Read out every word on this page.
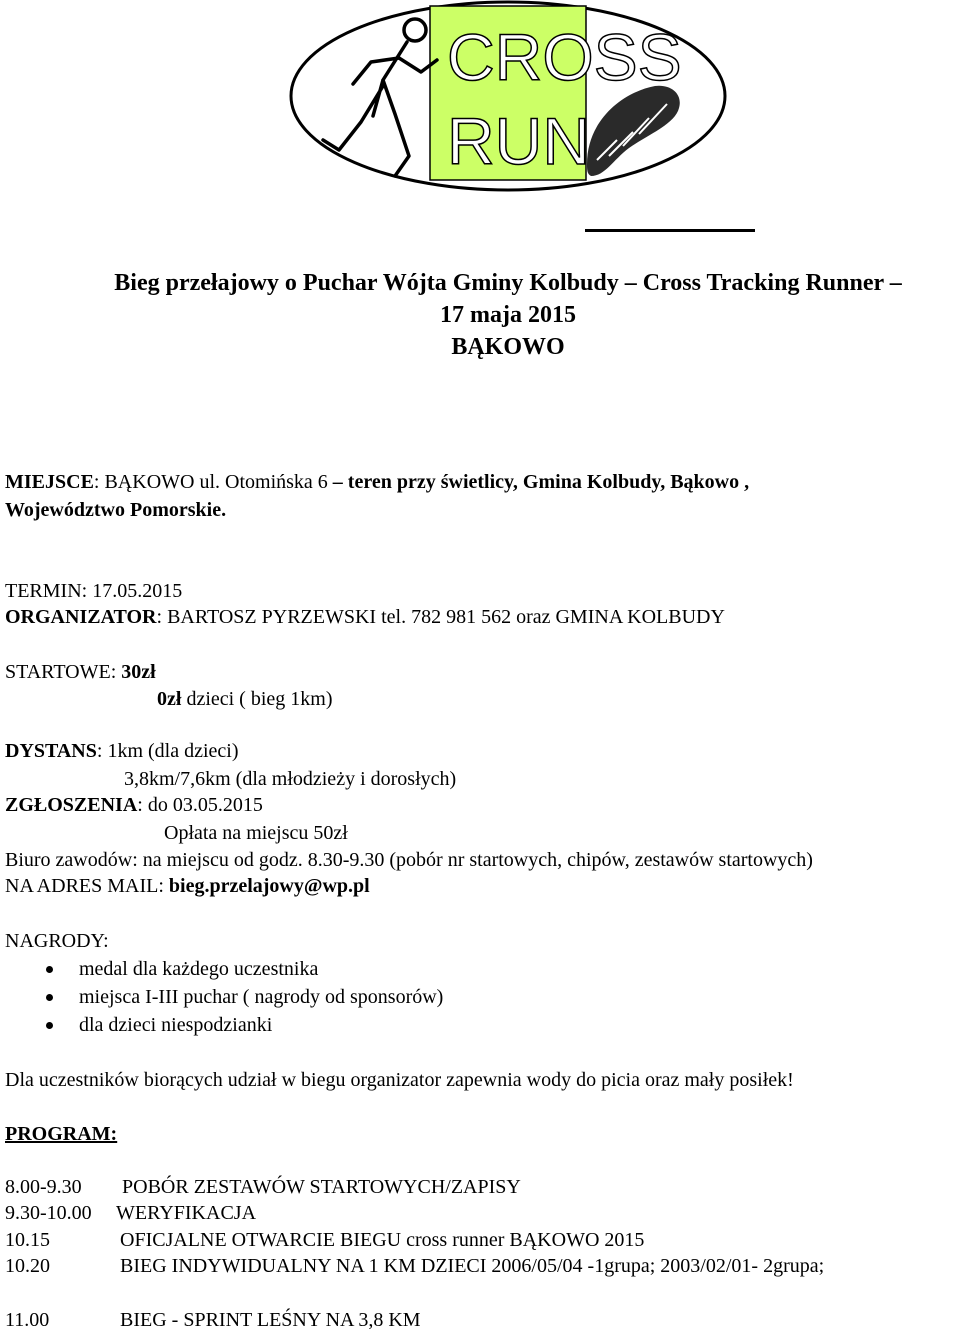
CROSS
RUN
Bieg przełajowy o Puchar Wójta Gminy Kolbudy – Cross Tracking Runner –
17 maja 2015
BĄKOWO
MIEJSCE: BĄKOWO ul. Otomińska 6 – teren przy świetlicy, Gmina Kolbudy, Bąkowo ,
Województwo Pomorskie.
TERMIN: 17.05.2015
ORGANIZATOR: BARTOSZ PYRZEWSKI tel. 782 981 562 oraz GMINA KOLBUDY
STARTOWE: 30zł
0zł dzieci ( bieg 1km)
DYSTANS: 1km (dla dzieci)
3,8km/7,6km (dla młodzieży i dorosłych)
ZGŁOSZENIA: do 03.05.2015
Opłata na miejscu 50zł
Biuro zawodów: na miejscu od godz. 8.30-9.30 (pobór nr startowych, chipów, zestawów startowych)
NA ADRES MAIL: bieg.przelajowy@wp.pl
NAGRODY:
medal dla każdego uczestnika
miejsca I-III puchar ( nagrody od sponsorów)
dla dzieci niespodzianki
Dla uczestników biorących udział w biegu organizator zapewnia wody do picia oraz mały posiłek!
PROGRAM:
8.00-9.30 POBÓR ZESTAWÓW STARTOWYCH/ZAPISY
9.30-10.00 WERYFIKACJA
10.15	OFICJALNE OTWARCIE BIEGU cross runner BĄKOWO 2015
10.20	BIEG INDYWIDUALNY NA 1 KM DZIECI 2006/05/04 -1grupa; 2003/02/01- 2grupa;
11.00	BIEG - SPRINT LEŚNY NA 3,8 KM
